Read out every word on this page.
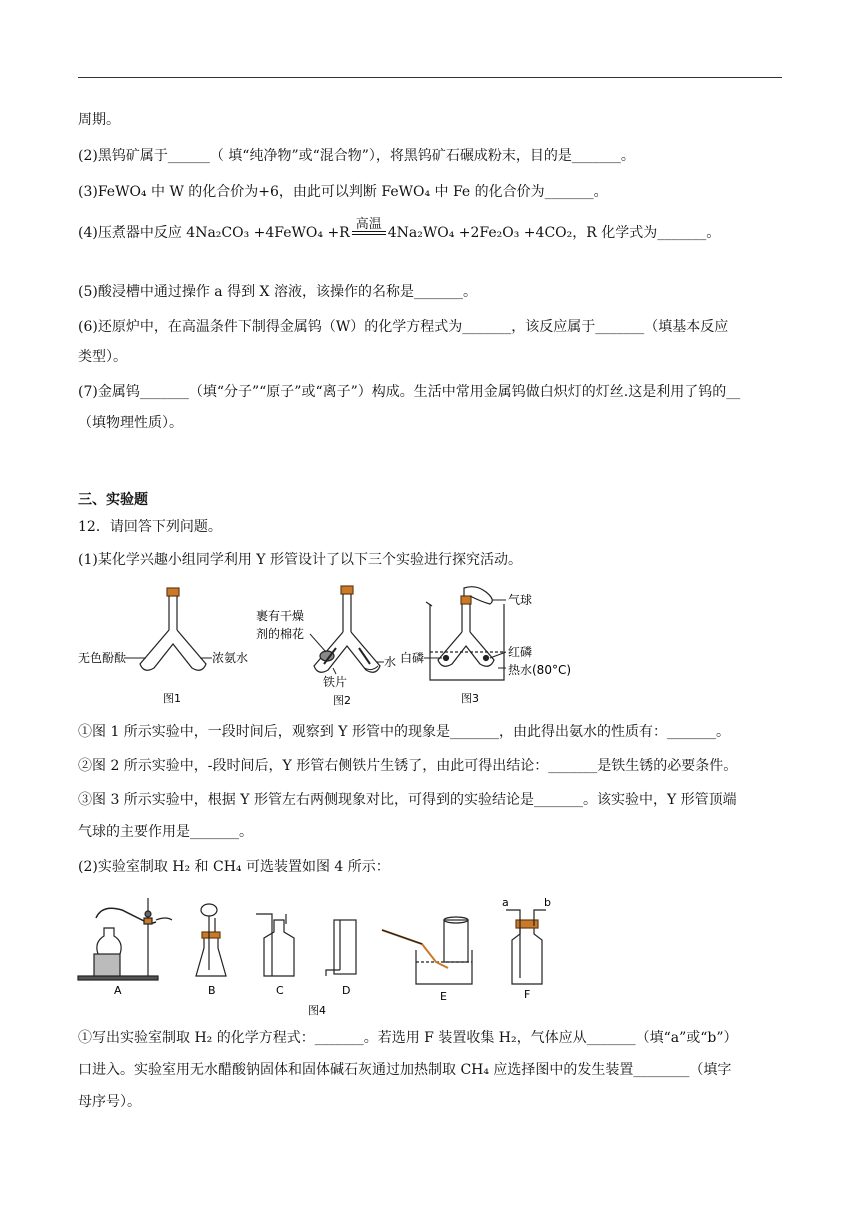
周期。
(2)黑钨矿属于______（ 填“纯净物”或“混合物”），将黑钨矿石碾成粉末，目的是_______。
(3)FeWO₄ 中 W 的化合价为+6，由此可以判断 FeWO₄ 中 Fe 的化合价为_______。
(4)压煮器中反应 4Na₂CO₃ +4FeWO₄ +R
高温
4Na₂WO₄ +2Fe₂O₃ +4CO₂，R 化学式为_______。
(5)酸浸槽中通过操作 a 得到 X 溶液，该操作的名称是_______。
(6)还原炉中，在高温条件下制得金属钨（W）的化学方程式为_______，该反应属于_______（填基本反应
类型）。
(7)金属钨_______（填“分子”“原子”或“离子”）构成。生活中常用金属钨做白炽灯的灯丝.这是利用了钨的__
（填物理性质）。
三、实验题
12．请回答下列问题。
(1)某化学兴趣小组同学利用 Y 形管设计了以下三个实验进行探究活动。
无色酚酞	浓氨水
图1
裹有干燥
剂的棉花
水
铁片
图2
气球
白磷	红磷
热水(80°C)
图3
①图 1 所示实验中，一段时间后，观察到 Y 形管中的现象是_______，由此得出氨水的性质有：_______。
②图 2 所示实验中，-段时间后，Y 形管右侧铁片生锈了，由此可得出结论：_______是铁生锈的必要条件。
③图 3 所示实验中，根据 Y 形管左右两侧现象对比，可得到的实验结论是_______。该实验中，Y 形管顶端
气球的主要作用是_______。
(2)实验室制取 H₂ 和 CH₄ 可选装置如图 4 所示：
A	B	C	D	E	F
a	b
图4
①写出实验室制取 H₂ 的化学方程式：_______。若选用 F 装置收集 H₂，气体应从_______（填“a”或“b”）
口进入。实验室用无水醋酸钠固体和固体碱石灰通过加热制取 CH₄ 应选择图中的发生装置________（填字
母序号）。
